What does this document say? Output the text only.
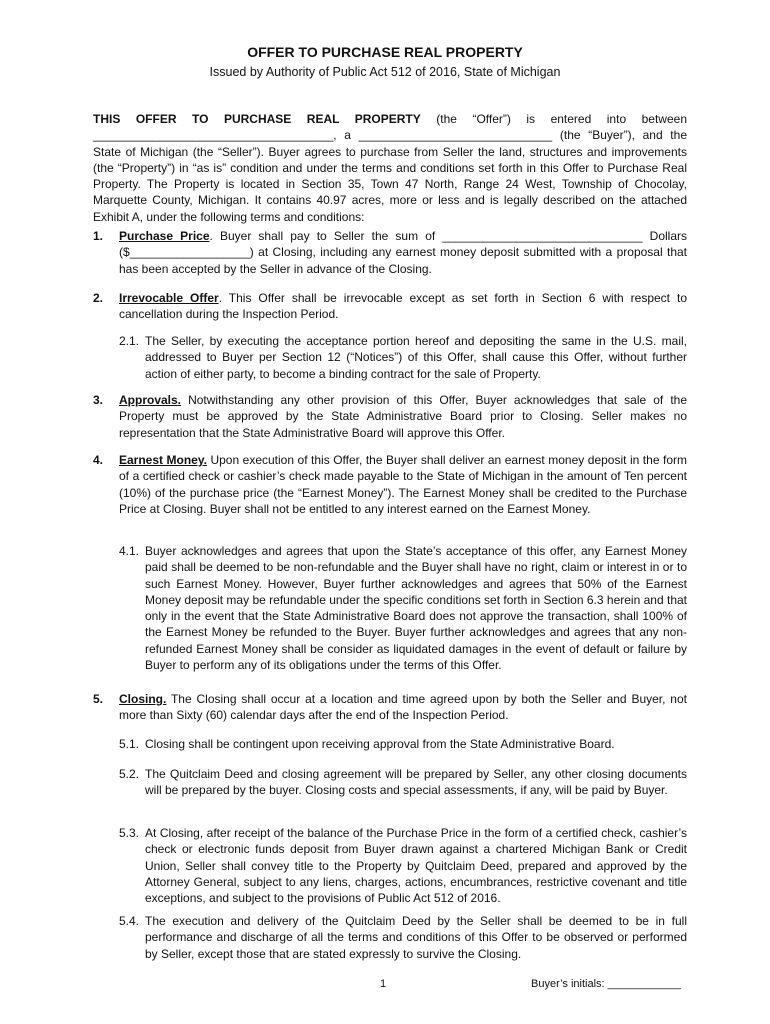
OFFER TO PURCHASE REAL PROPERTY
Issued by Authority of Public Act 512 of 2016, State of Michigan

THIS OFFER TO PURCHASE REAL PROPERTY (the “Offer”) is entered into between ____________________________________, a _____________________________ (the “Buyer”), and the State of Michigan (the “Seller”). Buyer agrees to purchase from Seller the land, structures and improvements (the “Property”) in “as is” condition and under the terms and conditions set forth in this Offer to Purchase Real Property. The Property is located in Section 35, Town 47 North, Range 24 West, Township of Chocolay, Marquette County, Michigan. It contains 40.97 acres, more or less and is legally described on the attached Exhibit A, under the following terms and conditions:

1. Purchase Price. Buyer shall pay to Seller the sum of ______________________________ Dollars ($__________________) at Closing, including any earnest money deposit submitted with a proposal that has been accepted by the Seller in advance of the Closing.
2. Irrevocable Offer. This Offer shall be irrevocable except as set forth in Section 6 with respect to cancellation during the Inspection Period.
2.1. The Seller, by executing the acceptance portion hereof and depositing the same in the U.S. mail, addressed to Buyer per Section 12 (“Notices”) of this Offer, shall cause this Offer, without further action of either party, to become a binding contract for the sale of Property.
3. Approvals. Notwithstanding any other provision of this Offer, Buyer acknowledges that sale of the Property must be approved by the State Administrative Board prior to Closing. Seller makes no representation that the State Administrative Board will approve this Offer.
4. Earnest Money. Upon execution of this Offer, the Buyer shall deliver an earnest money deposit in the form of a certified check or cashier’s check made payable to the State of Michigan in the amount of Ten percent (10%) of the purchase price (the “Earnest Money”). The Earnest Money shall be credited to the Purchase Price at Closing. Buyer shall not be entitled to any interest earned on the Earnest Money.
4.1. Buyer acknowledges and agrees that upon the State’s acceptance of this offer, any Earnest Money paid shall be deemed to be non-refundable and the Buyer shall have no right, claim or interest in or to such Earnest Money. However, Buyer further acknowledges and agrees that 50% of the Earnest Money deposit may be refundable under the specific conditions set forth in Section 6.3 herein and that only in the event that the State Administrative Board does not approve the transaction, shall 100% of the Earnest Money be refunded to the Buyer. Buyer further acknowledges and agrees that any non-refunded Earnest Money shall be consider as liquidated damages in the event of default or failure by Buyer to perform any of its obligations under the terms of this Offer.
5. Closing. The Closing shall occur at a location and time agreed upon by both the Seller and Buyer, not more than Sixty (60) calendar days after the end of the Inspection Period.
5.1. Closing shall be contingent upon receiving approval from the State Administrative Board.
5.2. The Quitclaim Deed and closing agreement will be prepared by Seller, any other closing documents will be prepared by the buyer. Closing costs and special assessments, if any, will be paid by Buyer.
5.3. At Closing, after receipt of the balance of the Purchase Price in the form of a certified check, cashier’s check or electronic funds deposit from Buyer drawn against a chartered Michigan Bank or Credit Union, Seller shall convey title to the Property by Quitclaim Deed, prepared and approved by the Attorney General, subject to any liens, charges, actions, encumbrances, restrictive covenant and title exceptions, and subject to the provisions of Public Act 512 of 2016.
5.4. The execution and delivery of the Quitclaim Deed by the Seller shall be deemed to be in full performance and discharge of all the terms and conditions of this Offer to be observed or performed by Seller, except those that are stated expressly to survive the Closing.
1	Buyer’s initials: ____________
